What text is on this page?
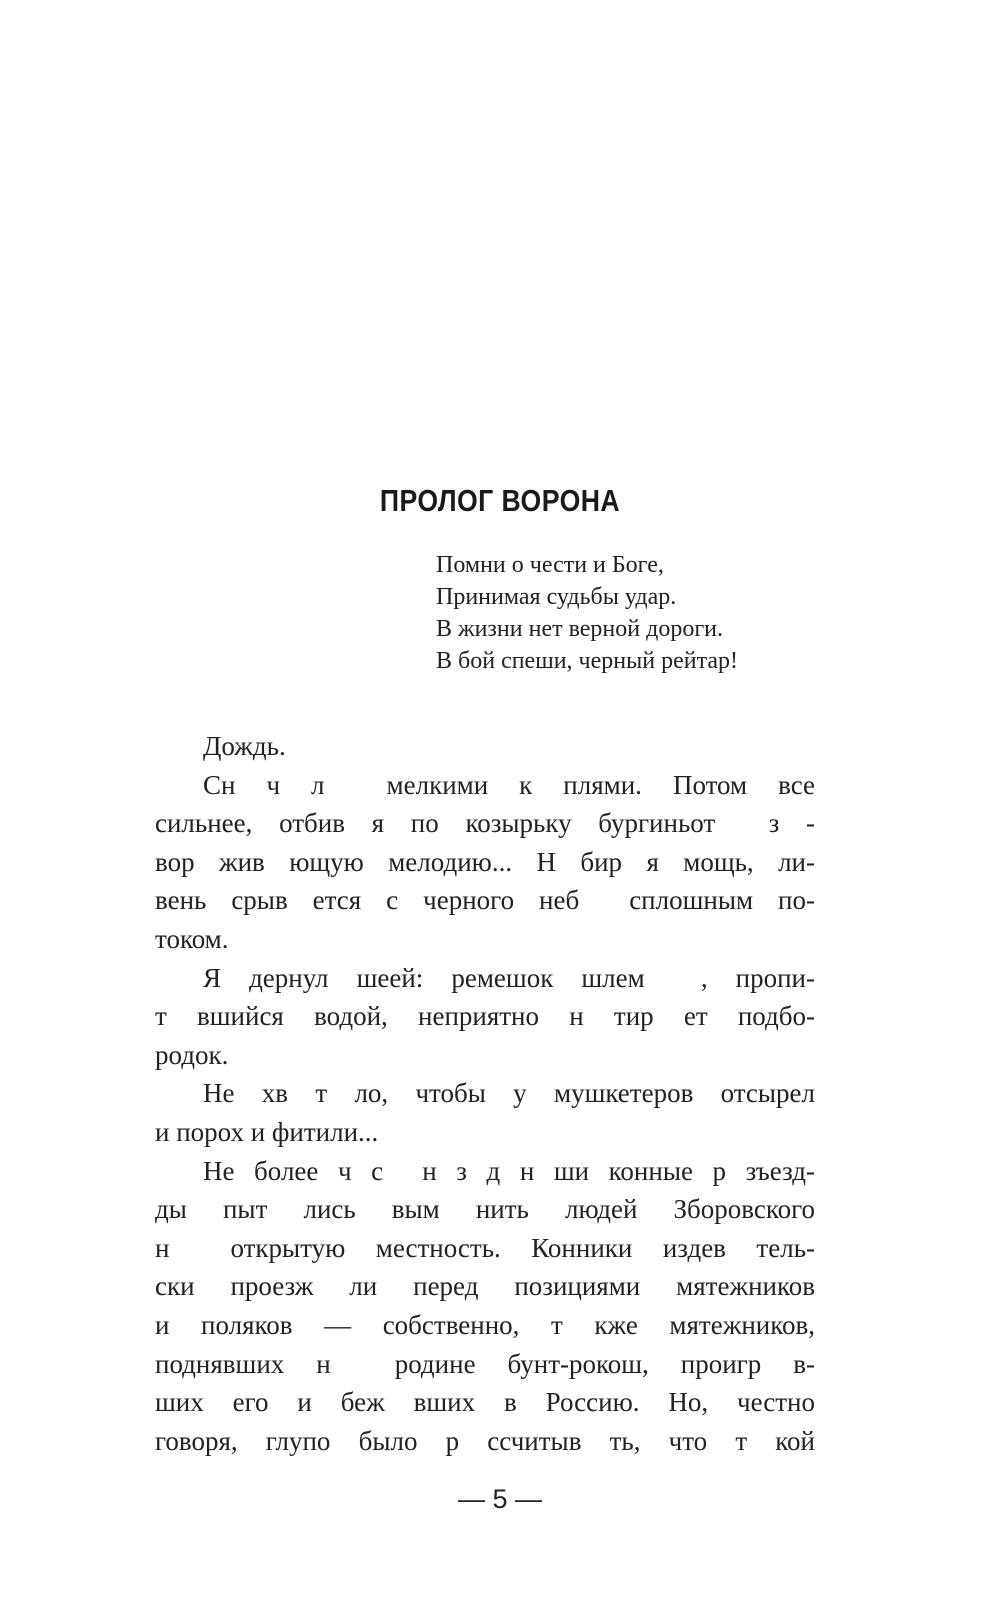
ПРОЛОГ ВОРОНА
Помни о чести и Боге,
Принимая судьбы удар.
В жизни нет верной дороги.
В бой спеши, черный рейтар!
Дождь.
Сн ч л  мелкими к плями. Потом все
сильнее, отбив я по козырьку бургиньот  з -
вор жив ющую мелодию... Н бир я мощь, ли-
вень срыв ется с черного неб  сплошным по-
током.
Я дернул шеей: ремешок шлем  , пропи-
т вшийся водой, неприятно н тир ет подбо-
родок.
Не хв т ло, чтобы у мушкетеров отсырел
и порох и фитили...
Не более ч с  н з д н ши конные р зъезд-
ды пыт лись вым нить людей Зборовского
н  открытую местность. Конники издев тель-
ски проезж ли перед позициями мятежников
и поляков — собственно, т кже мятежников,
поднявших н  родине бунт-рокош, проигр в-
ших его и беж вших в Россию. Но, честно
говоря, глупо было р ссчитыв ть, что т кой
— 5 —
